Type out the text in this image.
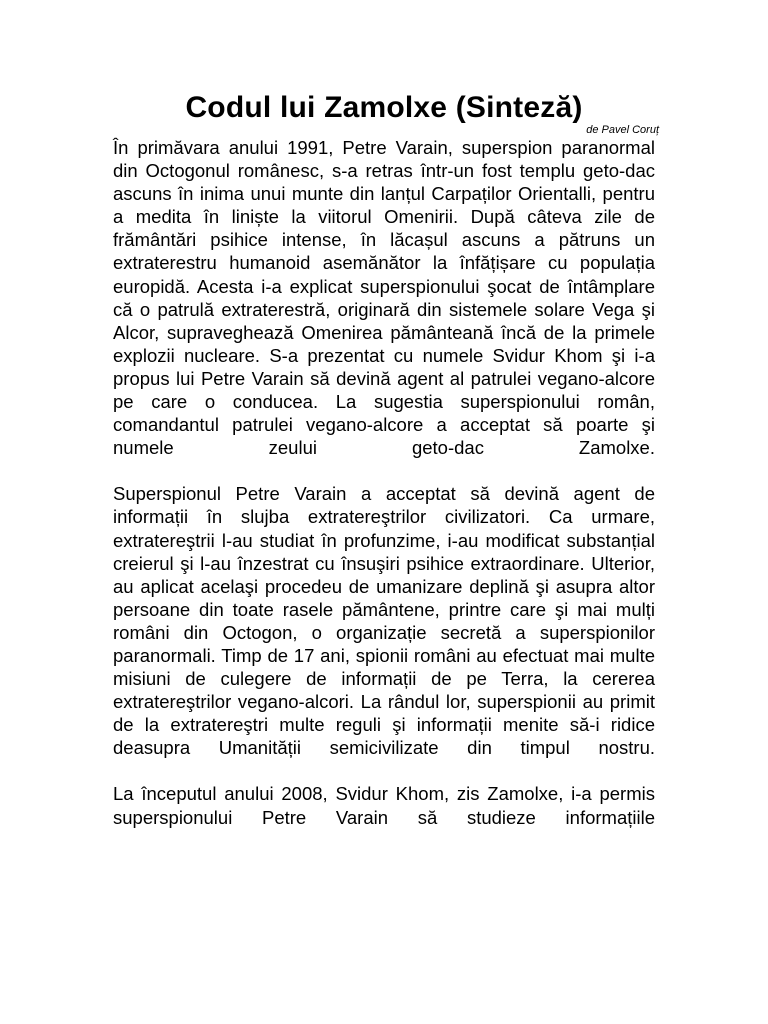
Codul lui Zamolxe (Sinteză)
de Pavel Coruț

În primăvara anului 1991, Petre Varain, superspion paranormal din Octogonul românesc, s-a retras într-un fost templu geto-dac ascuns în inima unui munte din lanțul Carpaților Orientalli, pentru a medita în liniște la viitorul Omenirii. După câteva zile de frământări psihice intense, în lăcașul ascuns a pătruns un extraterestru humanoid asemănător la înfățișare cu populația europidă. Acesta i-a explicat superspionului şocat de întâmplare că o patrulă extraterestră, originară din sistemele solare Vega şi Alcor, supraveghează Omenirea pământeană încă de la primele explozii nucleare. S-a prezentat cu numele Svidur Khom şi i-a propus lui Petre Varain să devină agent al patrulei vegano-alcore pe care o conducea. La sugestia superspionului român, comandantul patrulei vegano-alcore a acceptat să poarte şi numele zeului geto-dac Zamolxe.

Superspionul Petre Varain a acceptat să devină agent de informații în slujba extratereştrilor civilizatori. Ca urmare, extratereştrii l-au studiat în profunzime, i-au modificat substanțial creierul şi l-au înzestrat cu însuşiri psihice extraordinare. Ulterior, au aplicat acelaşi procedeu de umanizare deplină şi asupra altor persoane din toate rasele pământene, printre care şi mai mulți români din Octogon, o organizație secretă a superspionilor paranormali. Timp de 17 ani, spionii români au efectuat mai multe misiuni de culegere de informații de pe Terra, la cererea extratereştrilor vegano-alcori. La rândul lor, superspionii au primit de la extratereştri multe reguli şi informații menite să-i ridice deasupra Umanității semicivilizate din timpul nostru.

La începutul anului 2008, Svidur Khom, zis Zamolxe, i-a permis superspionului Petre Varain să studieze informațiile
